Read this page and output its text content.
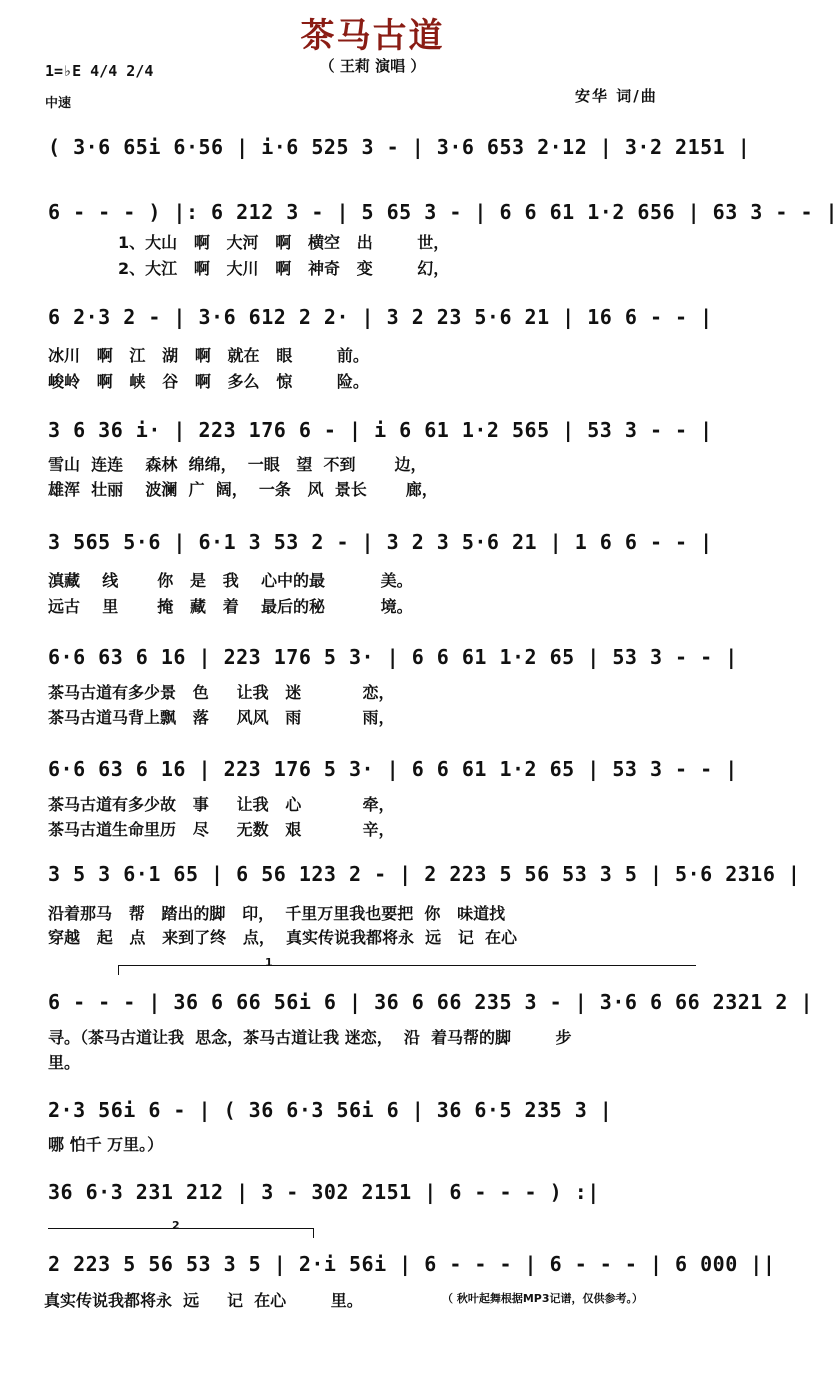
茶马古道
（ 王莉 演唱 ）
1=♭E 4/4 2/4
中速	安华 词/曲
( 3·6 65i 6·56 | i·6 525 3 - | 3·6 653 2·12 | 3·2 2151 |
6 - - - ) |: 6 212 3 - | 5 65 3 - | 6 6 61 1·2 656 | 63 3 - - |
1、大山   啊   大河   啊   横空   出        世，
2、大江   啊   大川   啊   神奇   变        幻，
6 2·3 2 - | 3·6 612 2 2· | 3 2 23 5·6 21 | 16 6 - - |
冰川   啊   江   湖   啊   就在   眼        前。
峻岭   啊   峡   谷   啊   多么   惊        险。
3 6 36 i· | 223 176 6 - | i 6 61 1·2 565 | 53 3 - - |
雪山  连连    森林  绵绵，  一眼   望  不到       边，
雄浑  壮丽    波澜  广  阔，  一条   风  景长       廊，
3 565 5·6 | 6·1 3 53 2 - | 3 2 3 5·6 21 | 1 6 6 - - |
滇藏    线       你   是   我    心中的最          美。
远古    里       掩   藏   着    最后的秘          境。
6·6 63 6 16 | 223 176 5 3· | 6 6 61 1·2 65 | 53 3 - - |
茶马古道有多少景   色     让我   迷           恋，
茶马古道马背上飘   落     风风   雨           雨，
6·6 63 6 16 | 223 176 5 3· | 6 6 61 1·2 65 | 53 3 - - |
茶马古道有多少故   事     让我   心           牵，
茶马古道生命里历   尽     无数   艰           辛，
3 5 3 6·1 65 | 6 56 123 2 - | 2 223 5 56 53 3 5 | 5·6 2316 |
沿着那马   帮   踏出的脚   印，  千里万里我也要把  你   味道找
穿越   起   点   来到了终   点，  真实传说我都将永  远   记  在心
1
6 - - - | 36 6 66 56i 6 | 36 6 66 235 3 - | 3·6 6 66 2321 2 |
寻。（茶马古道让我  思念，茶马古道让我 迷恋，  沿  着马帮的脚        步
里。
2·3 56i 6 - | ( 36 6·3 56i 6 | 36 6·5 235 3 |
哪 怕千 万里。）
36 6·3 231 212 | 3 - 302 2151 | 6 - - - ) :|
2
2 223 5 56 53 3 5 | 2·i 56i | 6 - - - | 6 - - - | 6 000 ||
真实传说我都将永  远     记  在心        里。	（ 秋叶起舞根据MP3记谱，仅供参考。）
